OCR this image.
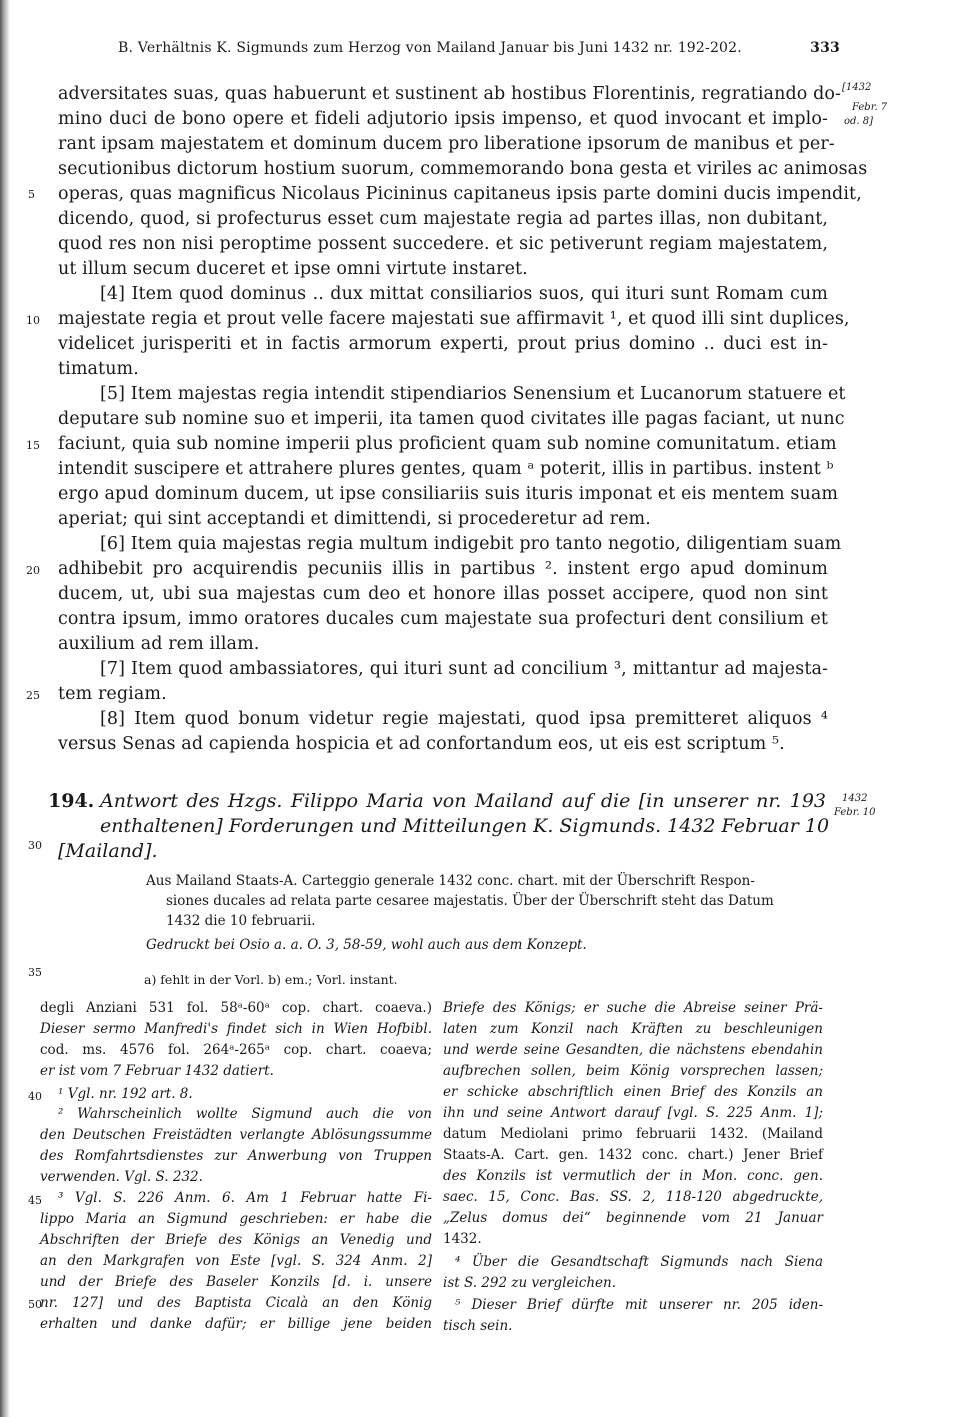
B. Verhältnis K. Sigmunds zum Herzog von Mailand Januar bis Juni 1432 nr. 192-202.	333
adversitates suas, quas habuerunt et sustinent ab hostibus Florentinis, regratiando do-
mino duci de bono opere et fideli adjutorio ipsis impenso, et quod invocant et implo-
rant ipsam majestatem et dominum ducem pro liberatione ipsorum de manibus et per-
secutionibus dictorum hostium suorum, commemorando bona gesta et viriles ac animosas
operas, quas magnificus Nicolaus Picininus capitaneus ipsis parte domini ducis impendit,
dicendo, quod, si profecturus esset cum majestate regia ad partes illas, non dubitant,
quod res non nisi peroptime possent succedere. et sic petiverunt regiam majestatem,
ut illum secum duceret et ipse omni virtute instaret.
[4] Item quod dominus .. dux mittat consiliarios suos, qui ituri sunt Romam cum
majestate regia et prout velle facere majestati sue affirmavit ¹, et quod illi sint duplices,
videlicet jurisperiti et in factis armorum experti, prout prius domino .. duci est in-
timatum.
[5] Item majestas regia intendit stipendiarios Senensium et Lucanorum statuere et
deputare sub nomine suo et imperii, ita tamen quod civitates ille pagas faciant, ut nunc
faciunt, quia sub nomine imperii plus proficient quam sub nomine comunitatum. etiam
intendit suscipere et attrahere plures gentes, quam ᵃ poterit, illis in partibus. instent ᵇ
ergo apud dominum ducem, ut ipse consiliariis suis ituris imponat et eis mentem suam
aperiat; qui sint acceptandi et dimittendi, si procederetur ad rem.
[6] Item quia majestas regia multum indigebit pro tanto negotio, diligentiam suam
adhibebit pro acquirendis pecuniis illis in partibus ². instent ergo apud dominum
ducem, ut, ubi sua majestas cum deo et honore illas posset accipere, quod non sint
contra ipsum, immo oratores ducales cum majestate sua profecturi dent consilium et
auxilium ad rem illam.
[7] Item quod ambassiatores, qui ituri sunt ad concilium ³, mittantur ad majesta-
tem regiam.
[8] Item quod bonum videtur regie majestati, quod ipsa premitteret aliquos ⁴
versus Senas ad capienda hospicia et ad confortandum eos, ut eis est scriptum ⁵.
5
10
15
20
25
30
35
40
45
50
[1432
Febr. 7
od. 8]
1432
Febr. 10
194. Antwort des Hzgs. Filippo Maria von Mailand auf die [in unserer nr. 193
enthaltenen] Forderungen und Mitteilungen K. Sigmunds. 1432 Februar 10
[Mailand].
Aus Mailand Staats-A. Carteggio generale 1432 conc. chart. mit der Überschrift Respon-
siones ducales ad relata parte cesaree majestatis. Über der Überschrift steht das Datum
1432 die 10 februarii.
Gedruckt bei Osio a. a. O. 3, 58-59, wohl auch aus dem Konzept.
a) fehlt in der Vorl. b) em.; Vorl. instant.
degli Anziani 531 fol. 58ᵃ-60ᵃ cop. chart. coaeva.)
Dieser sermo Manfredi's findet sich in Wien Hofbibl.
cod. ms. 4576 fol. 264ᵃ-265ᵃ cop. chart. coaeva;
er ist vom 7 Februar 1432 datiert.
¹ Vgl. nr. 192 art. 8.
² Wahrscheinlich wollte Sigmund auch die von
den Deutschen Freistädten verlangte Ablösungssumme
des Romfahrtsdienstes zur Anwerbung von Truppen
verwenden. Vgl. S. 232.
³ Vgl. S. 226 Anm. 6. Am 1 Februar hatte Fi-
lippo Maria an Sigmund geschrieben: er habe die
Abschriften der Briefe des Königs an Venedig und
an den Markgrafen von Este [vgl. S. 324 Anm. 2]
und der Briefe des Baseler Konzils [d. i. unsere
nr. 127] und des Baptista Cicalà an den König
erhalten und danke dafür; er billige jene beiden
Briefe des Königs; er suche die Abreise seiner Prä-
laten zum Konzil nach Kräften zu beschleunigen
und werde seine Gesandten, die nächstens ebendahin
aufbrechen sollen, beim König vorsprechen lassen;
er schicke abschriftlich einen Brief des Konzils an
ihn und seine Antwort darauf [vgl. S. 225 Anm. 1];
datum Mediolani primo februarii 1432. (Mailand
Staats-A. Cart. gen. 1432 conc. chart.) Jener Brief
des Konzils ist vermutlich der in Mon. conc. gen.
saec. 15, Conc. Bas. SS. 2, 118-120 abgedruckte,
„Zelus domus dei“ beginnende vom 21 Januar
1432.
⁴ Über die Gesandtschaft Sigmunds nach Siena
ist S. 292 zu vergleichen.
⁵ Dieser Brief dürfte mit unserer nr. 205 iden-
tisch sein.
